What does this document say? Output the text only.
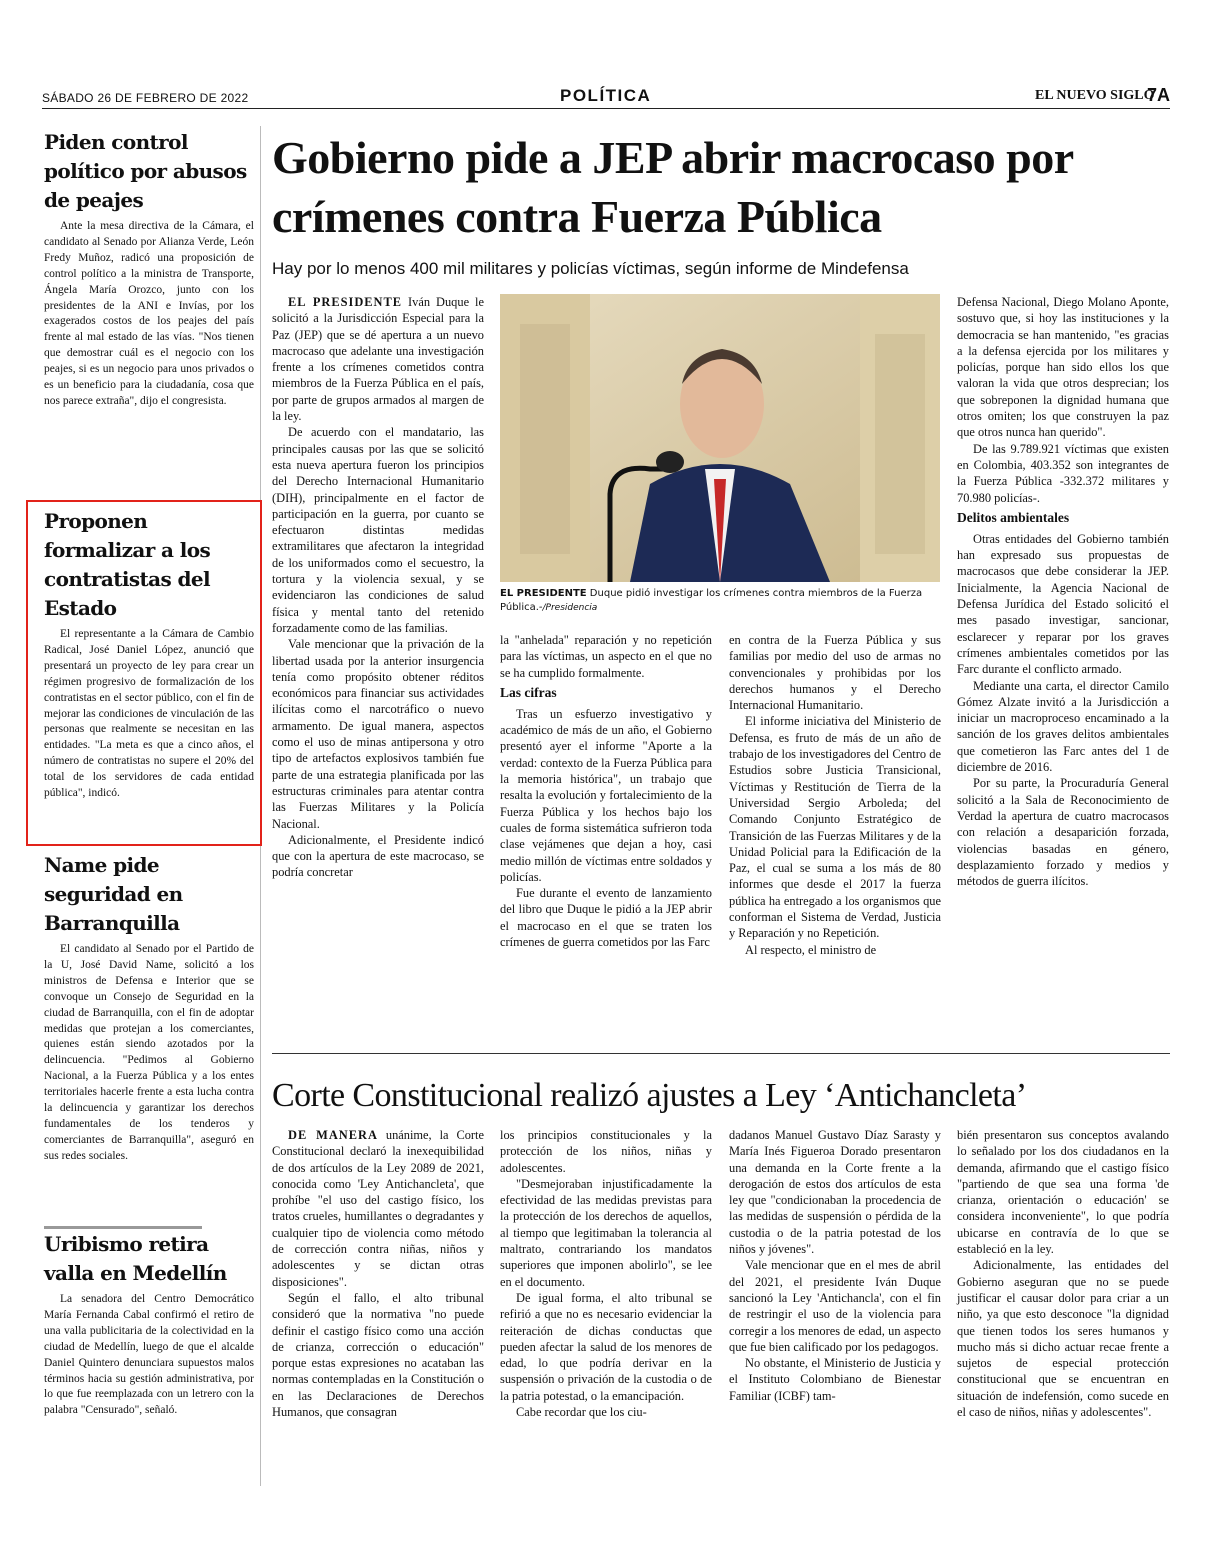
SÁBADO 26 DE FEBRERO DE 2022	POLÍTICA	EL NUEVO SIGLO
7A
Piden control político por abusos de peajes

Ante la mesa directiva de la Cámara, el candidato al Senado por Alianza Verde, León Fredy Muñoz, radicó una proposición de control político a la ministra de Transporte, Ángela María Orozco, junto con los presidentes de la ANI e Invías, por los exagerados costos de los peajes del país frente al mal estado de las vías. "Nos tienen que demostrar cuál es el negocio con los peajes, si es un negocio para unos privados o es un beneficio para la ciudadanía, cosa que nos parece extraña", dijo el congresista.

Proponen formalizar a los contratistas del Estado

El representante a la Cámara de Cambio Radical, José Daniel López, anunció que presentará un proyecto de ley para crear un régimen progresivo de formalización de los contratistas en el sector público, con el fin de mejorar las condiciones de vinculación de las personas que realmente se necesitan en las entidades. "La meta es que a cinco años, el número de contratistas no supere el 20% del total de los servidores de cada entidad pública", indicó.

Name pide seguridad en Barranquilla

El candidato al Senado por el Partido de la U, José David Name, solicitó a los ministros de Defensa e Interior que se convoque un Consejo de Seguridad en la ciudad de Barranquilla, con el fin de adoptar medidas que protejan a los comerciantes, quienes están siendo azotados por la delincuencia. "Pedimos al Gobierno Nacional, a la Fuerza Pública y a los entes territoriales hacerle frente a esta lucha contra la delincuencia y garantizar los derechos fundamentales de los tenderos y comerciantes de Barranquilla", aseguró en sus redes sociales.

Uribismo retira valla en Medellín

La senadora del Centro Democrático María Fernanda Cabal confirmó el retiro de una valla publicitaria de la colectividad en la ciudad de Medellín, luego de que el alcalde Daniel Quintero denunciara supuestos malos términos hacia su gestión administrativa, por lo que fue reemplazada con un letrero con la palabra "Censurado", señaló.

Gobierno pide a JEP abrir macrocaso por crímenes contra Fuerza Pública
Hay por lo menos 400 mil militares y policías víctimas, según informe de Mindefensa

EL PRESIDENTE Iván Duque le solicitó a la Jurisdicción Especial para la Paz (JEP) que se dé apertura a un nuevo macrocaso que adelante una investigación frente a los crímenes cometidos contra miembros de la Fuerza Pública en el país, por parte de grupos armados al margen de la ley.

De acuerdo con el mandatario, las principales causas por las que se solicitó esta nueva apertura fueron los principios del Derecho Internacional Humanitario (DIH), principalmente en el factor de participación en la guerra, por cuanto se efectuaron distintas medidas extramilitares que afectaron la integridad de los uniformados como el secuestro, la tortura y la violencia sexual, y se evidenciaron las condiciones de salud física y mental tanto del retenido forzadamente como de las familias.

Vale mencionar que la privación de la libertad usada por la anterior insurgencia tenía como propósito obtener réditos económicos para financiar sus actividades ilícitas como el narcotráfico o nuevo armamento. De igual manera, aspectos como el uso de minas antipersona y otro tipo de artefactos explosivos también fue parte de una estrategia planificada por las estructuras criminales para atentar contra las Fuerzas Militares y la Policía Nacional.

Adicionalmente, el Presidente indicó que con la apertura de este macrocaso, se podría concretar

EL PRESIDENTE Duque pidió investigar los crímenes contra miembros de la Fuerza Pública.-/Presidencia

la "anhelada" reparación y no repetición para las víctimas, un aspecto en el que no se ha cumplido formalmente.

Las cifras

Tras un esfuerzo investigativo y académico de más de un año, el Gobierno presentó ayer el informe "Aporte a la verdad: contexto de la Fuerza Pública para la memoria histórica", un trabajo que resalta la evolución y fortalecimiento de la Fuerza Pública y los hechos bajo los cuales de forma sistemática sufrieron toda clase vejámenes que dejan a hoy, casi medio millón de víctimas entre soldados y policías.

Fue durante el evento de lanzamiento del libro que Duque le pidió a la JEP abrir el macrocaso en el que se traten los crímenes de guerra cometidos por las Farc

en contra de la Fuerza Pública y sus familias por medio del uso de armas no convencionales y prohibidas por los derechos humanos y el Derecho Internacional Humanitario.

El informe iniciativa del Ministerio de Defensa, es fruto de más de un año de trabajo de los investigadores del Centro de Estudios sobre Justicia Transicional, Víctimas y Restitución de Tierra de la Universidad Sergio Arboleda; del Comando Conjunto Estratégico de Transición de las Fuerzas Militares y de la Unidad Policial para la Edificación de la Paz, el cual se suma a los más de 80 informes que desde el 2017 la fuerza pública ha entregado a los organismos que conforman el Sistema de Verdad, Justicia y Reparación y no Repetición.

Al respecto, el ministro de

Defensa Nacional, Diego Molano Aponte, sostuvo que, si hoy las instituciones y la democracia se han mantenido, "es gracias a la defensa ejercida por los militares y policías, porque han sido ellos los que valoran la vida que otros desprecian; los que sobreponen la dignidad humana que otros omiten; los que construyen la paz que otros nunca han querido".

De las 9.789.921 víctimas que existen en Colombia, 403.352 son integrantes de la Fuerza Pública -332.372 militares y 70.980 policías-.

Delitos ambientales

Otras entidades del Gobierno también han expresado sus propuestas de macrocasos que debe considerar la JEP. Inicialmente, la Agencia Nacional de Defensa Jurídica del Estado solicitó el mes pasado investigar, sancionar, esclarecer y reparar por los graves crímenes ambientales cometidos por las Farc durante el conflicto armado.

Mediante una carta, el director Camilo Gómez Alzate invitó a la Jurisdicción a iniciar un macroproceso encaminado a la sanción de los graves delitos ambientales que cometieron las Farc antes del 1 de diciembre de 2016.

Por su parte, la Procuraduría General solicitó a la Sala de Reconocimiento de Verdad la apertura de cuatro macrocasos con relación a desaparición forzada, violencias basadas en género, desplazamiento forzado y medios y métodos de guerra ilícitos.

Corte Constitucional realizó ajustes a Ley ‘Antichancleta’

DE MANERA unánime, la Corte Constitucional declaró la inexequibilidad de dos artículos de la Ley 2089 de 2021, conocida como 'Ley Antichancleta', que prohíbe "el uso del castigo físico, los tratos crueles, humillantes o degradantes y cualquier tipo de violencia como método de corrección contra niñas, niños y adolescentes y se dictan otras disposiciones".

Según el fallo, el alto tribunal consideró que la normativa "no puede definir el castigo físico como una acción de crianza, corrección o educación" porque estas expresiones no acataban las normas contempladas en la Constitución o en las Declaraciones de Derechos Humanos, que consagran

los principios constitucionales y la protección de los niños, niñas y adolescentes.

"Desmejoraban injustificadamente la efectividad de las medidas previstas para la protección de los derechos de aquellos, al tiempo que legitimaban la tolerancia al maltrato, contrariando los mandatos superiores que imponen abolirlo", se lee en el documento.

De igual forma, el alto tribunal se refirió a que no es necesario evidenciar la reiteración de dichas conductas que pueden afectar la salud de los menores de edad, lo que podría derivar en la suspensión o privación de la custodia o de la patria potestad, o la emancipación.

Cabe recordar que los ciu-

dadanos Manuel Gustavo Díaz Sarasty y María Inés Figueroa Dorado presentaron una demanda en la Corte frente a la derogación de estos dos artículos de esta ley que "condicionaban la procedencia de las medidas de suspensión o pérdida de la custodia o de la patria potestad de los niños y jóvenes".

Vale mencionar que en el mes de abril del 2021, el presidente Iván Duque sancionó la Ley 'Antichancla', con el fin de restringir el uso de la violencia para corregir a los menores de edad, un aspecto que fue bien calificado por los pedagogos.

No obstante, el Ministerio de Justicia y el Instituto Colombiano de Bienestar Familiar (ICBF) tam-

bién presentaron sus conceptos avalando lo señalado por los dos ciudadanos en la demanda, afirmando que el castigo físico "partiendo de que sea una forma 'de crianza, orientación o educación' se considera inconveniente", lo que podría ubicarse en contravía de lo que se estableció en la ley.

Adicionalmente, las entidades del Gobierno aseguran que no se puede justificar el causar dolor para criar a un niño, ya que esto desconoce "la dignidad que tienen todos los seres humanos y mucho más si dicho actuar recae frente a sujetos de especial protección constitucional que se encuentran en situación de indefensión, como sucede en el caso de niños, niñas y adolescentes".
